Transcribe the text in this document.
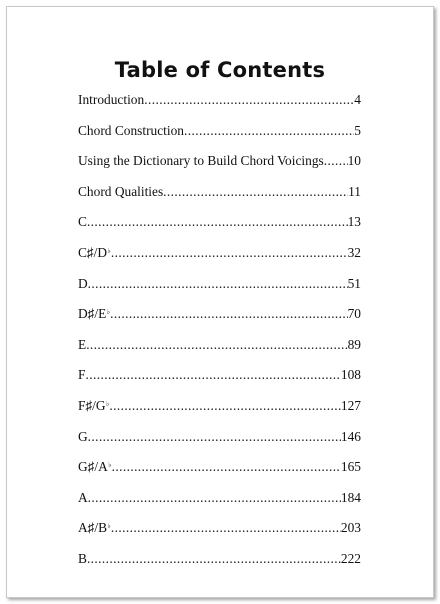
Table of Contents
Introduction .....	4
Chord Construction .....	5
Using the Dictionary to Build Chord Voicings ..... 10
Chord Qualities .....	11
C .....	13
C♯/D♭ .....	32
D .....	51
D♯/E♭ .....	70
E .....	89
F .....	108
F♯/G♭ .....	127
G .....	146
G♯/A♭ .....	165
A .....	184
A♯/B♭ .....	203
B .....	222
